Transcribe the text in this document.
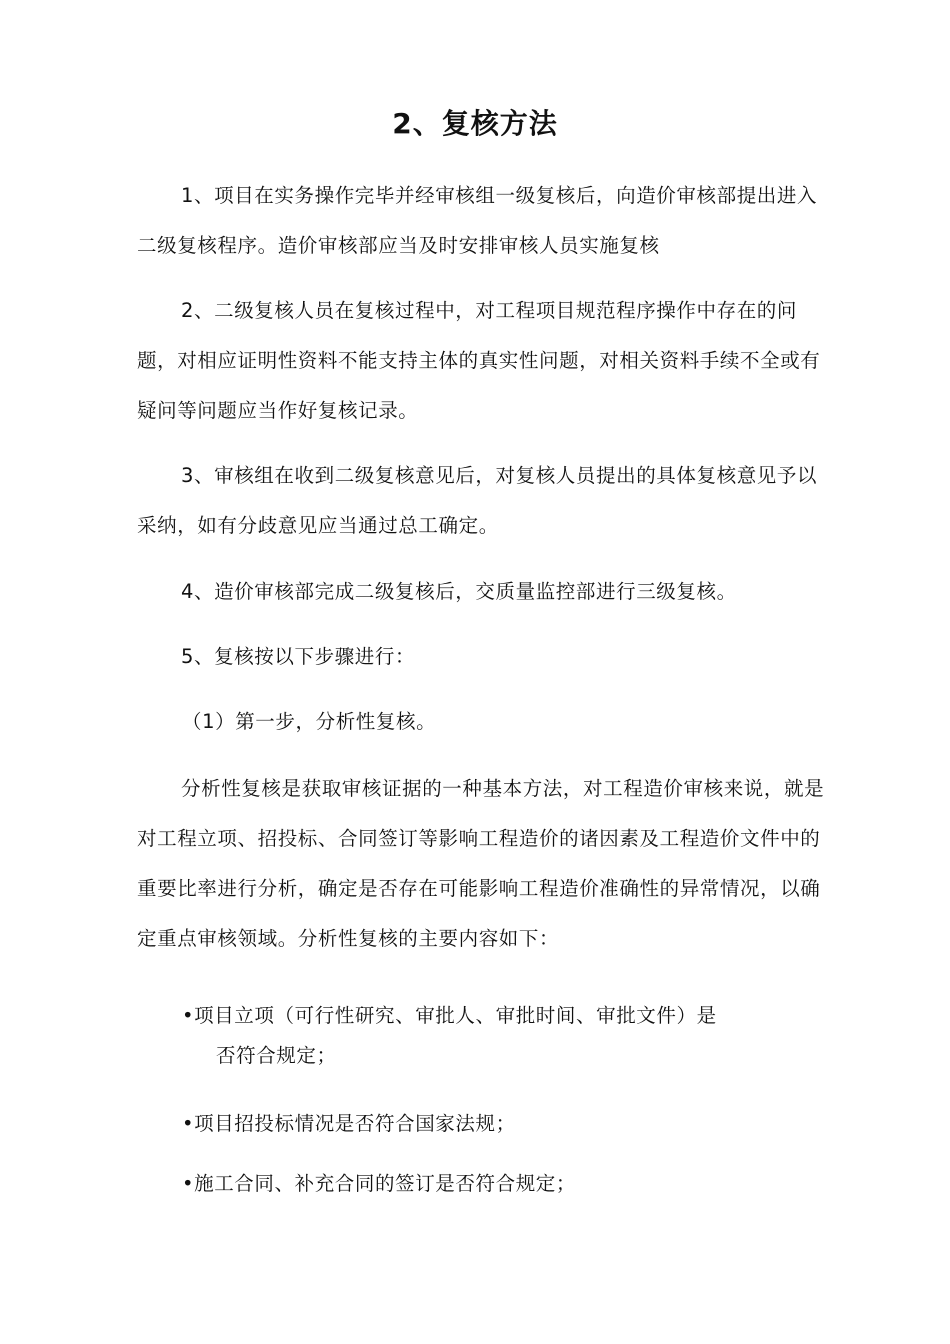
2、复核方法

1、项目在实务操作完毕并经审核组一级复核后，向造价审核部提出进入二级复核程序。造价审核部应当及时安排审核人员实施复核

2、二级复核人员在复核过程中，对工程项目规范程序操作中存在的问题，对相应证明性资料不能支持主体的真实性问题，对相关资料手续不全或有疑问等问题应当作好复核记录。

3、审核组在收到二级复核意见后，对复核人员提出的具体复核意见予以采纳，如有分歧意见应当通过总工确定。

4、造价审核部完成二级复核后，交质量监控部进行三级复核。

5、复核按以下步骤进行：

（1）第一步，分析性复核。

分析性复核是获取审核证据的一种基本方法，对工程造价审核来说，就是对工程立项、招投标、合同签订等影响工程造价的诸因素及工程造价文件中的重要比率进行分析，确定是否存在可能影响工程造价准确性的异常情况，以确定重点审核领域。分析性复核的主要内容如下：

•项目立项（可行性研究、审批人、审批时间、审批文件）是
否符合规定；
•项目招投标情况是否符合国家法规；
•施工合同、补充合同的签订是否符合规定；
